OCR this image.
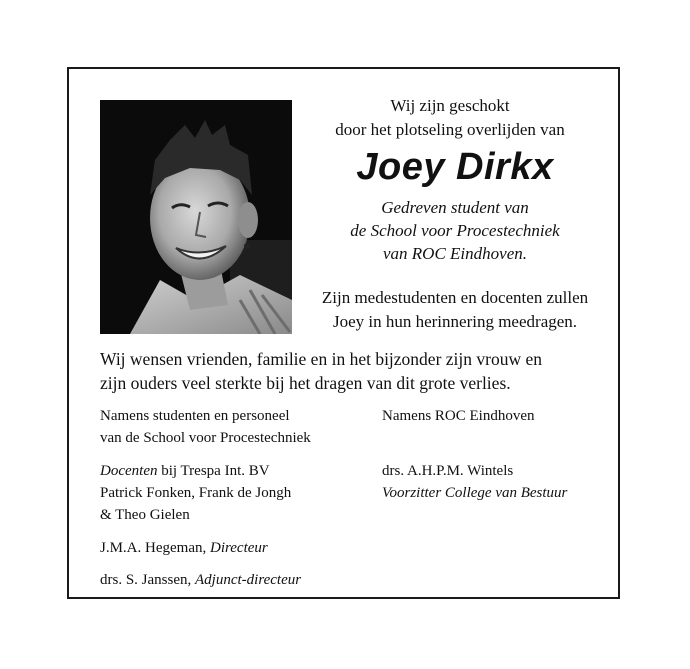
Wij zijn geschokt
door het plotseling overlijden van
Joey Dirkx
Gedreven student van
de School voor Procestechniek
van ROC Eindhoven.
Zijn medestudenten en docenten zullen
Joey in hun herinnering meedragen.
Wij wensen vrienden, familie en in het bijzonder zijn vrouw en
zijn ouders veel sterkte bij het dragen van dit grote verlies.
Namens studenten en personeel
van de School voor Procestechniek
Docenten bij Trespa Int. BV
Patrick Fonken, Frank de Jongh
& Theo Gielen
J.M.A. Hegeman, Directeur
drs. S. Janssen, Adjunct-directeur
Namens ROC Eindhoven
drs. A.H.P.M. Wintels
Voorzitter College van Bestuur
